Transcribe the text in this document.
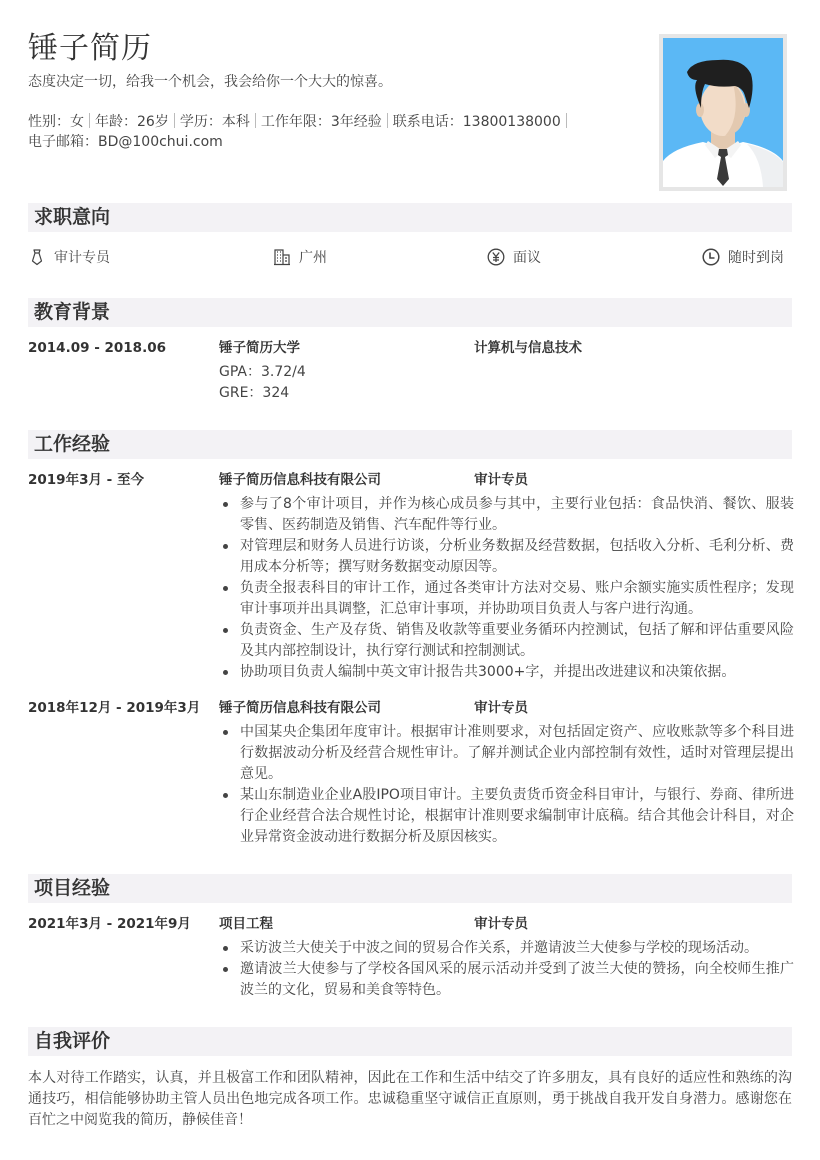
锤子简历
态度决定一切，给我一个机会，我会给你一个大大的惊喜。
性别：女 年龄：26岁 学历：本科 工作年限：3年经验 联系电话：13800138000
电子邮箱：BD@100chui.com
求职意向
审计专员	广州	面议	随时到岗
教育背景
2014.09 - 2018.06	锤子简历大学	计算机与信息技术
GPA：3.72/4
GRE：324
工作经验
2019年3月 - 至今	锤子简历信息科技有限公司	审计专员
参与了8个审计项目，并作为核心成员参与其中，主要行业包括：食品快消、餐饮、服装零售、医药制造及销售、汽车配件等行业。
对管理层和财务人员进行访谈，分析业务数据及经营数据，包括收入分析、毛利分析、费用成本分析等；撰写财务数据变动原因等。
负责全报表科目的审计工作，通过各类审计方法对交易、账户余额实施实质性程序；发现审计事项并出具调整，汇总审计事项，并协助项目负责人与客户进行沟通。
负责资金、生产及存货、销售及收款等重要业务循环内控测试，包括了解和评估重要风险及其内部控制设计，执行穿行测试和控制测试。
协助项目负责人编制中英文审计报告共3000+字，并提出改进建议和决策依据。
2018年12月 - 2019年3月 锤子简历信息科技有限公司	审计专员
中国某央企集团年度审计。根据审计准则要求，对包括固定资产、应收账款等多个科目进行数据波动分析及经营合规性审计。了解并测试企业内部控制有效性，适时对管理层提出意见。
某山东制造业企业A股IPO项目审计。主要负责货币资金科目审计，与银行、券商、律所进行企业经营合法合规性讨论，根据审计准则要求编制审计底稿。结合其他会计科目，对企业异常资金波动进行数据分析及原因核实。
项目经验
2021年3月 - 2021年9月 项目工程	审计专员
采访波兰大使关于中波之间的贸易合作关系，并邀请波兰大使参与学校的现场活动。
邀请波兰大使参与了学校各国风采的展示活动并受到了波兰大使的赞扬，向全校师生推广波兰的文化，贸易和美食等特色。
自我评价
本人对待工作踏实，认真，并且极富工作和团队精神，因此在工作和生活中结交了许多朋友，具有良好的适应性和熟练的沟通技巧，相信能够协助主管人员出色地完成各项工作。忠诚稳重坚守诚信正直原则，勇于挑战自我开发自身潜力。感谢您在百忙之中阅览我的简历，静候佳音！
